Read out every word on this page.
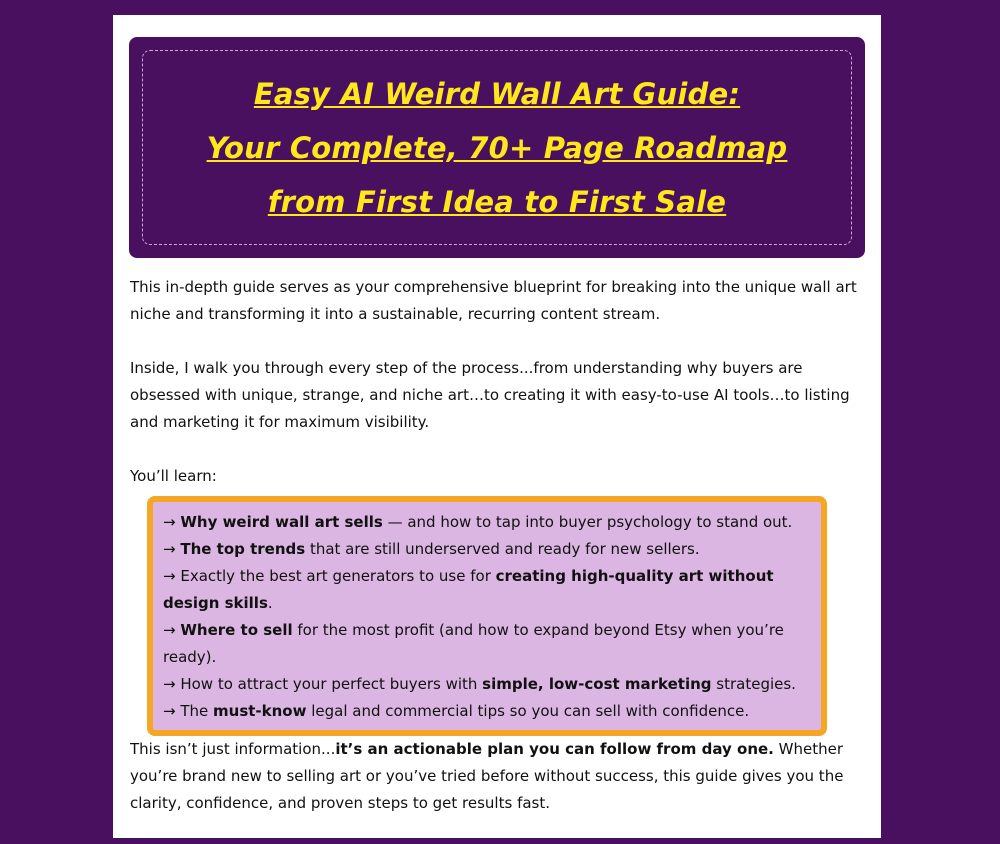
Easy AI Weird Wall Art Guide:
Your Complete, 70+ Page Roadmap
from First Idea to First Sale

This in-depth guide serves as your comprehensive blueprint for breaking into the unique wall art niche and transforming it into a sustainable, recurring content stream.

Inside, I walk you through every step of the process...from understanding why buyers are obsessed with unique, strange, and niche art…to creating it with easy-to-use AI tools…to listing and marketing it for maximum visibility.

You’ll learn:

→ Why weird wall art sells — and how to tap into buyer psychology to stand out.
→ The top trends that are still underserved and ready for new sellers.
→ Exactly the best art generators to use for creating high-quality art without design skills.
→ Where to sell for the most profit (and how to expand beyond Etsy when you’re ready).
→ How to attract your perfect buyers with simple, low-cost marketing strategies.
→ The must-know legal and commercial tips so you can sell with confidence.

This isn’t just information...it’s an actionable plan you can follow from day one. Whether you’re brand new to selling art or you’ve tried before without success, this guide gives you the clarity, confidence, and proven steps to get results fast.
